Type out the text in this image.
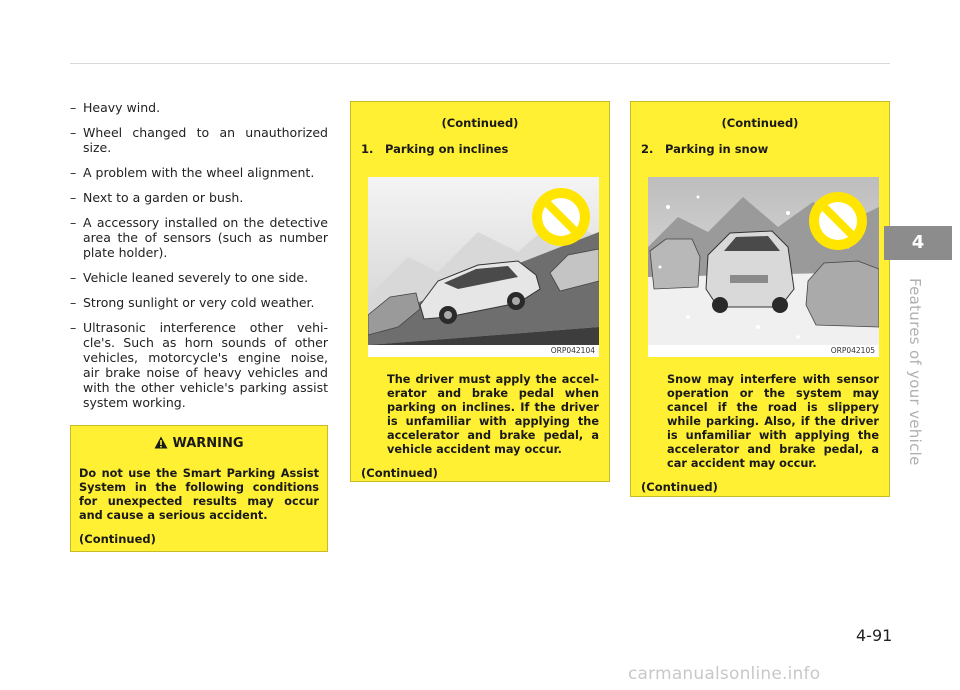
– Heavy wind.
– Wheel changed to an unauthorized size.
– A problem with the wheel alignment.
– Next to a garden or bush.
– A accessory installed on the detective area the of sensors (such as number plate holder).
– Vehicle leaned severely to one side.
– Strong sunlight or very cold weather.
– Ultrasonic interference other vehi-cle's. Such as horn sounds of other vehicles, motorcycle's engine noise, air brake noise of heavy vehicles and with the other vehicle's parking assist system working.
WARNING
Do not use the Smart Parking Assist System in the following conditions for unexpected results may occur and cause a serious accident.
(Continued)
(Continued)
1. Parking on inclines
ORP042104
The driver must apply the accel-erator and brake pedal when parking on inclines. If the driver is unfamiliar with applying the accelerator and brake pedal, a vehicle accident may occur.
(Continued)
(Continued)
2. Parking in snow
ORP042105
Snow may interfere with sensor operation or the system may cancel if the road is slippery while parking. Also, if the driver is unfamiliar with applying the accelerator and brake pedal, a car accident may occur.
(Continued)
4
Features of your vehicle
4-91
carmanualsonline.info
